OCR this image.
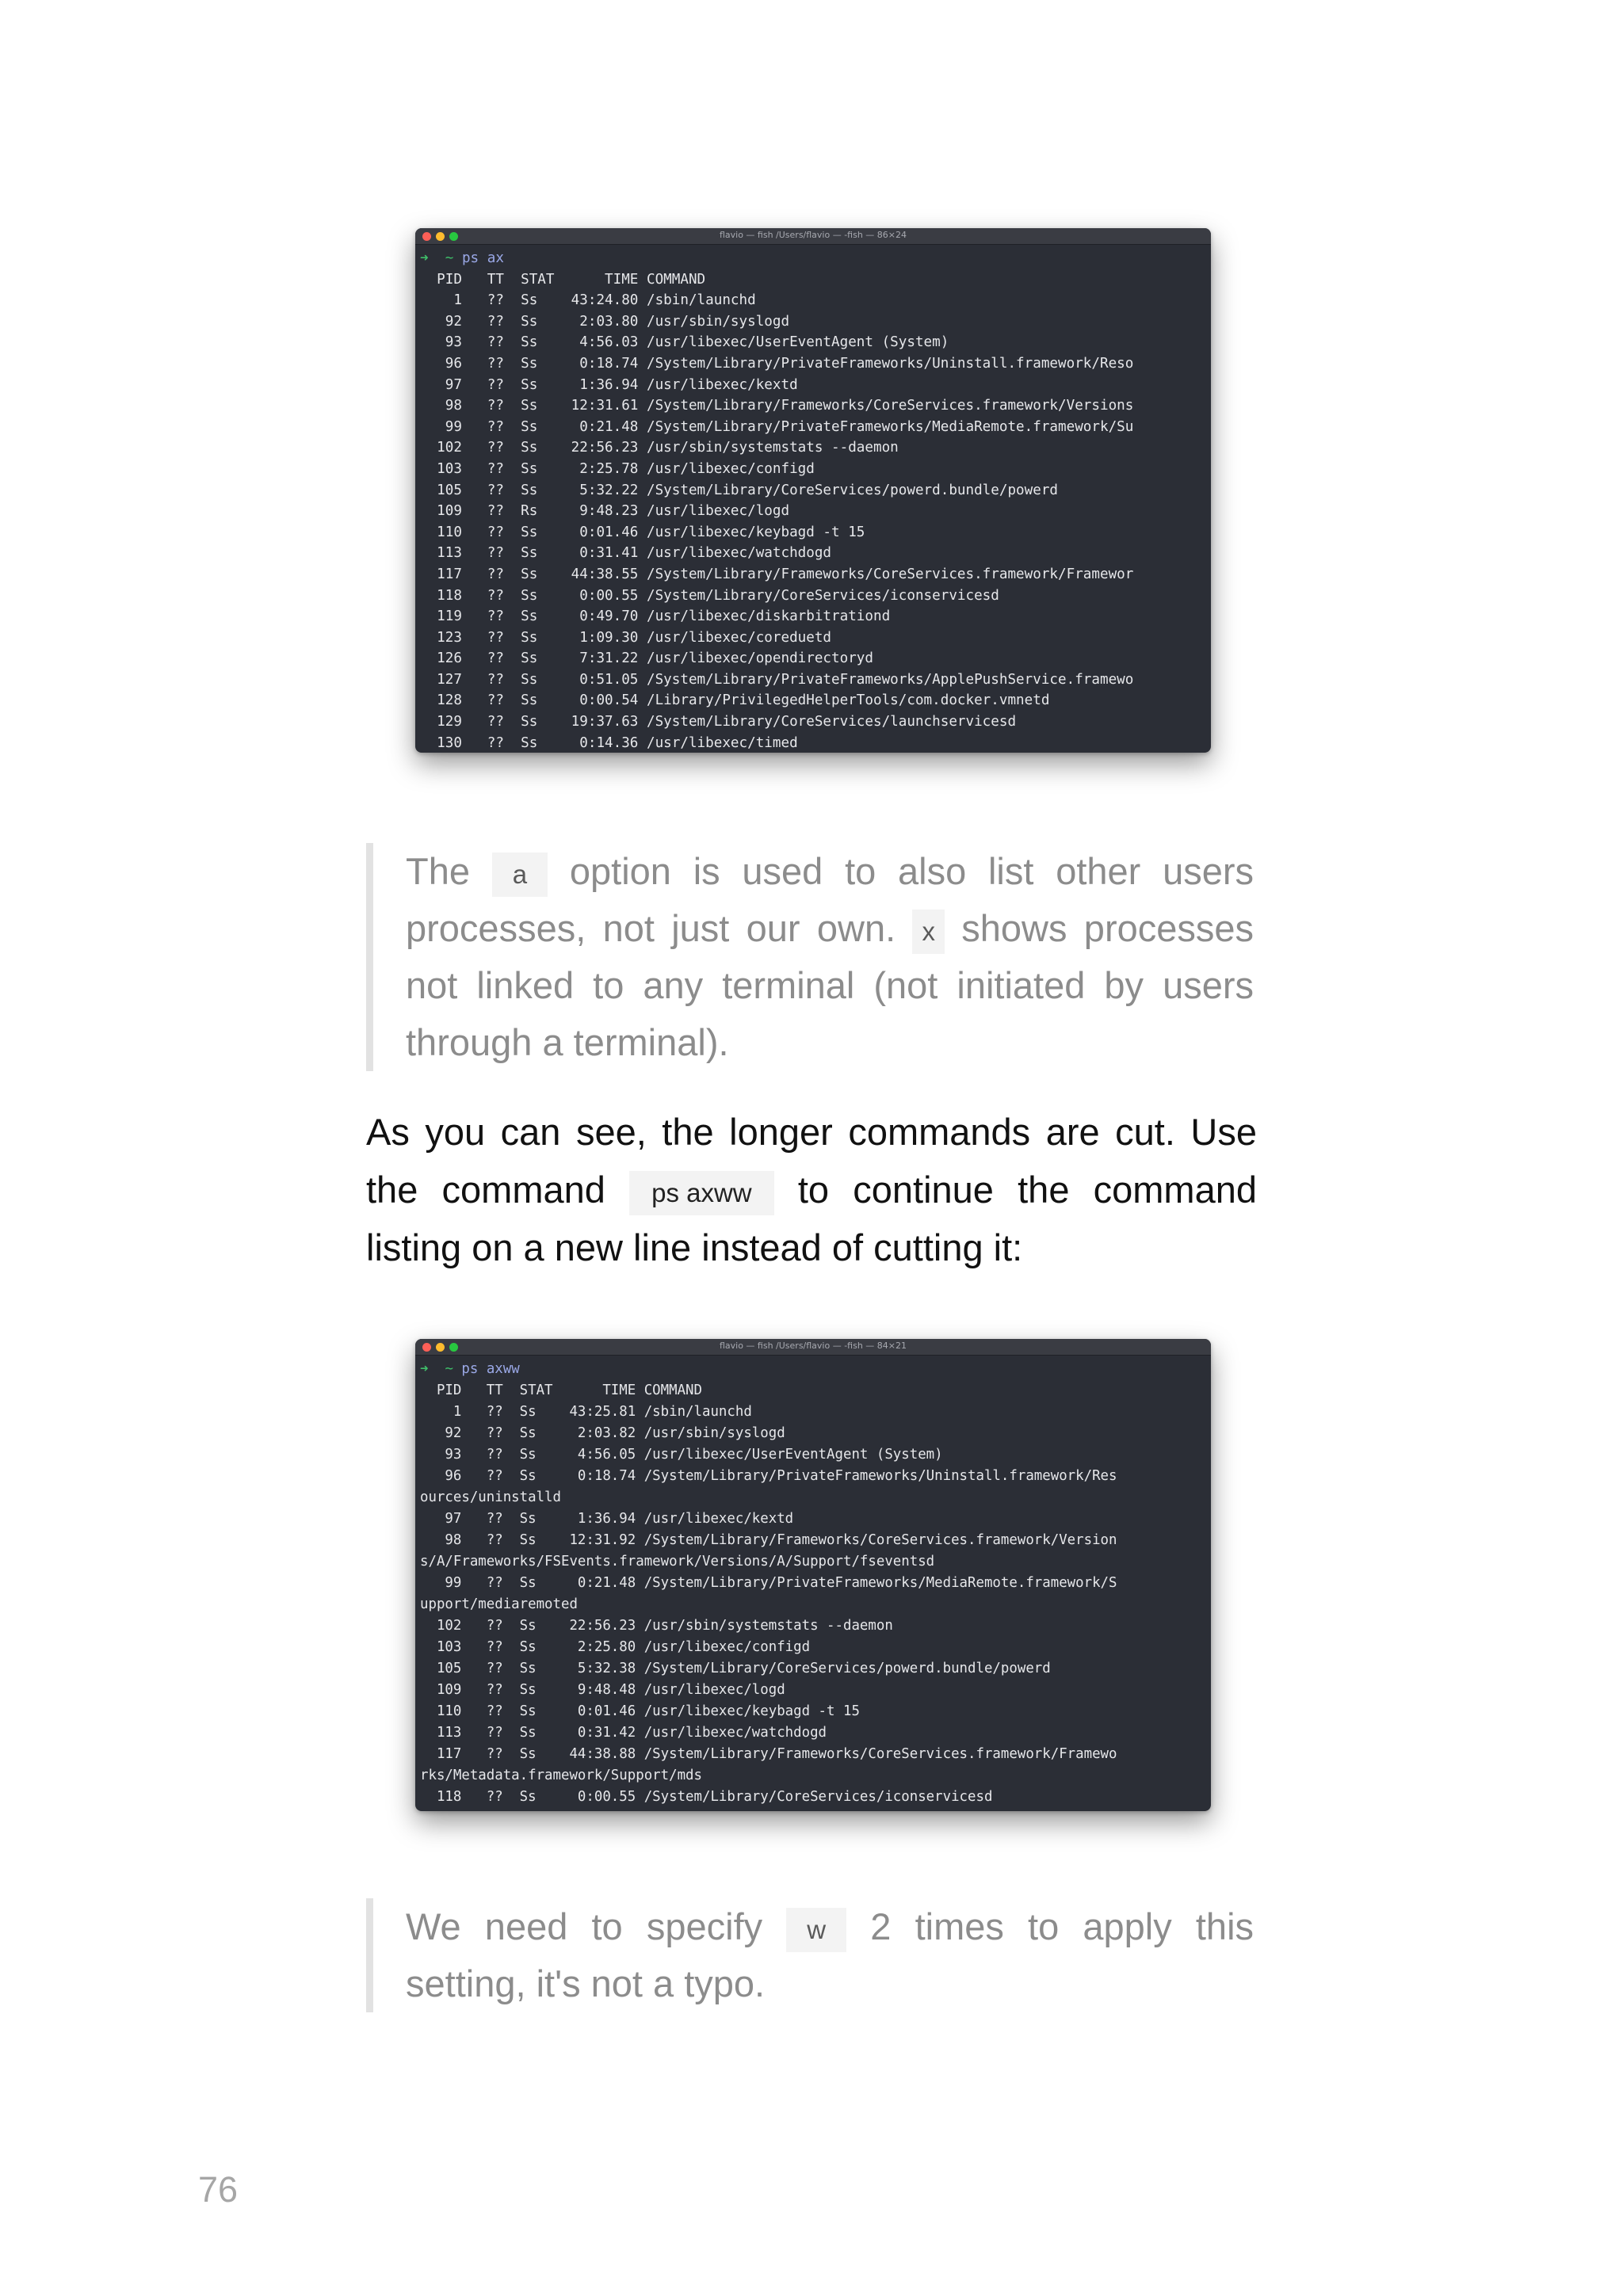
flavio — fish /Users/flavio — -fish — 86×24
➜ ~ ps ax
PID   TT  STAT      TIME COMMAND
1   ??  Ss    43:24.80 /sbin/launchd
92   ??  Ss     2:03.80 /usr/sbin/syslogd
93   ??  Ss     4:56.03 /usr/libexec/UserEventAgent (System)
96   ??  Ss     0:18.74 /System/Library/PrivateFrameworks/Uninstall.framework/Reso
97   ??  Ss     1:36.94 /usr/libexec/kextd
98   ??  Ss    12:31.61 /System/Library/Frameworks/CoreServices.framework/Versions
99   ??  Ss     0:21.48 /System/Library/PrivateFrameworks/MediaRemote.framework/Su
102   ??  Ss    22:56.23 /usr/sbin/systemstats --daemon
103   ??  Ss     2:25.78 /usr/libexec/configd
105   ??  Ss     5:32.22 /System/Library/CoreServices/powerd.bundle/powerd
109   ??  Rs     9:48.23 /usr/libexec/logd
110   ??  Ss     0:01.46 /usr/libexec/keybagd -t 15
113   ??  Ss     0:31.41 /usr/libexec/watchdogd
117   ??  Ss    44:38.55 /System/Library/Frameworks/CoreServices.framework/Framewor
118   ??  Ss     0:00.55 /System/Library/CoreServices/iconservicesd
119   ??  Ss     0:49.70 /usr/libexec/diskarbitrationd
123   ??  Ss     1:09.30 /usr/libexec/coreduetd
126   ??  Ss     7:31.22 /usr/libexec/opendirectoryd
127   ??  Ss     0:51.05 /System/Library/PrivateFrameworks/ApplePushService.framewo
128   ??  Ss     0:00.54 /Library/PrivilegedHelperTools/com.docker.vmnetd
129   ??  Ss    19:37.63 /System/Library/CoreServices/launchservicesd
130   ??  Ss     0:14.36 /usr/libexec/timed
The a option is used to also list other users processes, not just our own. x shows processes not linked to any terminal (not initiated by users through a terminal).
As you can see, the longer commands are cut. Use the command ps axww to continue the command listing on a new line instead of cutting it:
flavio — fish /Users/flavio — -fish — 84×21
➜ ~ ps axww
PID   TT  STAT      TIME COMMAND
1   ??  Ss    43:25.81 /sbin/launchd
92   ??  Ss     2:03.82 /usr/sbin/syslogd
93   ??  Ss     4:56.05 /usr/libexec/UserEventAgent (System)
96   ??  Ss     0:18.74 /System/Library/PrivateFrameworks/Uninstall.framework/Res
ources/uninstalld
97   ??  Ss     1:36.94 /usr/libexec/kextd
98   ??  Ss    12:31.92 /System/Library/Frameworks/CoreServices.framework/Version
s/A/Frameworks/FSEvents.framework/Versions/A/Support/fseventsd
99   ??  Ss     0:21.48 /System/Library/PrivateFrameworks/MediaRemote.framework/S
upport/mediaremoted
102   ??  Ss    22:56.23 /usr/sbin/systemstats --daemon
103   ??  Ss     2:25.80 /usr/libexec/configd
105   ??  Ss     5:32.38 /System/Library/CoreServices/powerd.bundle/powerd
109   ??  Ss     9:48.48 /usr/libexec/logd
110   ??  Ss     0:01.46 /usr/libexec/keybagd -t 15
113   ??  Ss     0:31.42 /usr/libexec/watchdogd
117   ??  Ss    44:38.88 /System/Library/Frameworks/CoreServices.framework/Framewo
rks/Metadata.framework/Support/mds
118   ??  Ss     0:00.55 /System/Library/CoreServices/iconservicesd
We need to specify w 2 times to apply this setting, it's not a typo.
76
